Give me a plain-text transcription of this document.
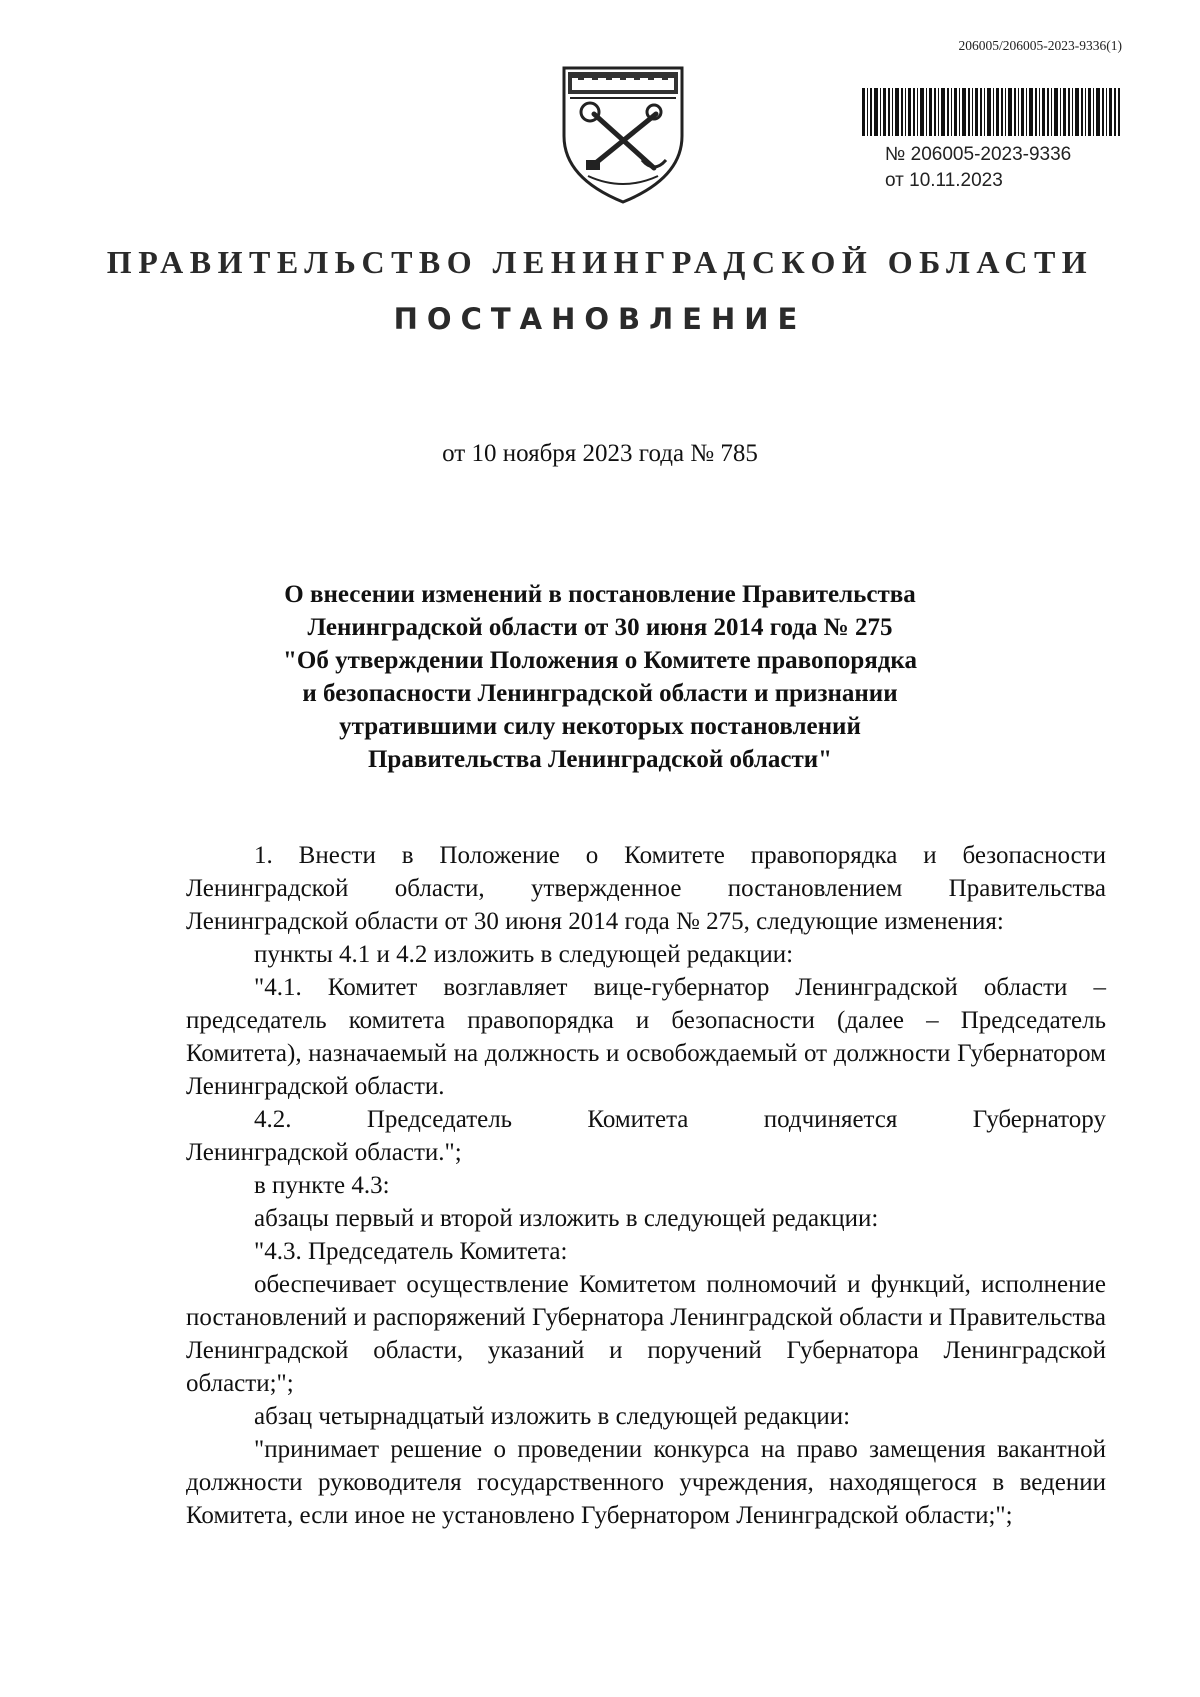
206005/206005-2023-9336(1)
№ 206005-2023-9336
от 10.11.2023
ПРАВИТЕЛЬСТВО ЛЕНИНГРАДСКОЙ ОБЛАСТИ
ПОСТАНОВЛЕНИЕ
от 10 ноября 2023 года № 785
О внесении изменений в постановление Правительства
Ленинградской области от 30 июня 2014 года № 275
"Об утверждении Положения о Комитете правопорядка
и безопасности Ленинградской области и признании
утратившими силу некоторых постановлений
Правительства Ленинградской области"

1. Внести в Положение о Комитете правопорядка и безопасности Ленинградской области, утвержденное постановлением Правительства Ленинградской области от 30 июня 2014 года № 275, следующие изменения:

пункты 4.1 и 4.2 изложить в следующей редакции:

"4.1. Комитет возглавляет вице-губернатор Ленинградской области – председатель комитета правопорядка и безопасности (далее – Председатель Комитета), назначаемый на должность и освобождаемый от должности Губернатором Ленинградской области.

4.2.	Председатель	Комитета	подчиняется	Губернатору

Ленинградской области.";

в пункте 4.3:

абзацы первый и второй изложить в следующей редакции:

"4.3. Председатель Комитета:

обеспечивает осуществление Комитетом полномочий и функций, исполнение постановлений и распоряжений Губернатора Ленинградской области и Правительства Ленинградской области, указаний и поручений Губернатора Ленинградской области;";

абзац четырнадцатый изложить в следующей редакции:

"принимает решение о проведении конкурса на право замещения вакантной должности руководителя государственного учреждения, находящегося в ведении Комитета, если иное не установлено Губернатором Ленинградской области;";
